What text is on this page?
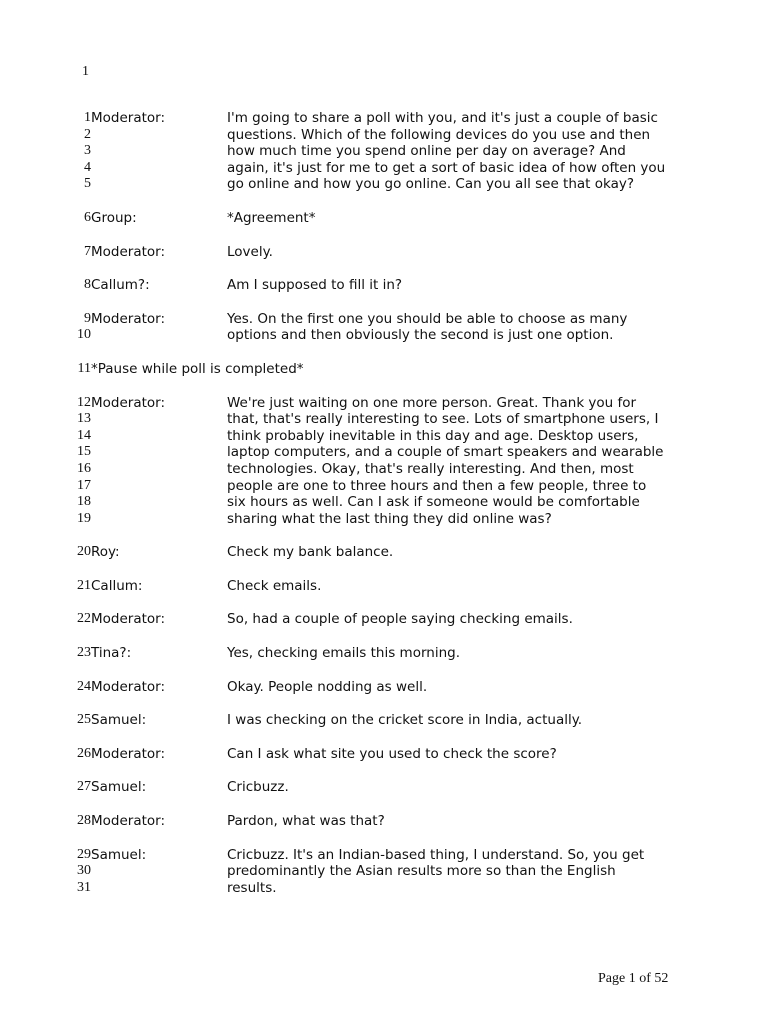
1
1 Moderator:	I'm going to share a poll with you, and it's just a couple of basic
2	questions. Which of the following devices do you use and then
3	how much time you spend online per day on average? And
4	again, it's just for me to get a sort of basic idea of how often you
5	go online and how you go online. Can you all see that okay?
6 Group:	*Agreement*
7 Moderator:	Lovely.
8 Callum?:	Am I supposed to fill it in?
9 Moderator:	Yes. On the first one you should be able to choose as many
10	options and then obviously the second is just one option.
11 *Pause while poll is completed*
12 Moderator:	We're just waiting on one more person. Great. Thank you for
13	that, that's really interesting to see. Lots of smartphone users, I
14	think probably inevitable in this day and age. Desktop users,
15	laptop computers, and a couple of smart speakers and wearable
16	technologies. Okay, that's really interesting. And then, most
17	people are one to three hours and then a few people, three to
18	six hours as well. Can I ask if someone would be comfortable
19	sharing what the last thing they did online was?
20 Roy:	Check my bank balance.
21 Callum:	Check emails.
22 Moderator:	So, had a couple of people saying checking emails.
23 Tina?:	Yes, checking emails this morning.
24 Moderator:	Okay. People nodding as well.
25 Samuel:	I was checking on the cricket score in India, actually.
26 Moderator:	Can I ask what site you used to check the score?
27 Samuel:	Cricbuzz.
28 Moderator:	Pardon, what was that?
29 Samuel:	Cricbuzz. It's an Indian-based thing, I understand. So, you get
30	predominantly the Asian results more so than the English
31	results.
Page 1 of 52
